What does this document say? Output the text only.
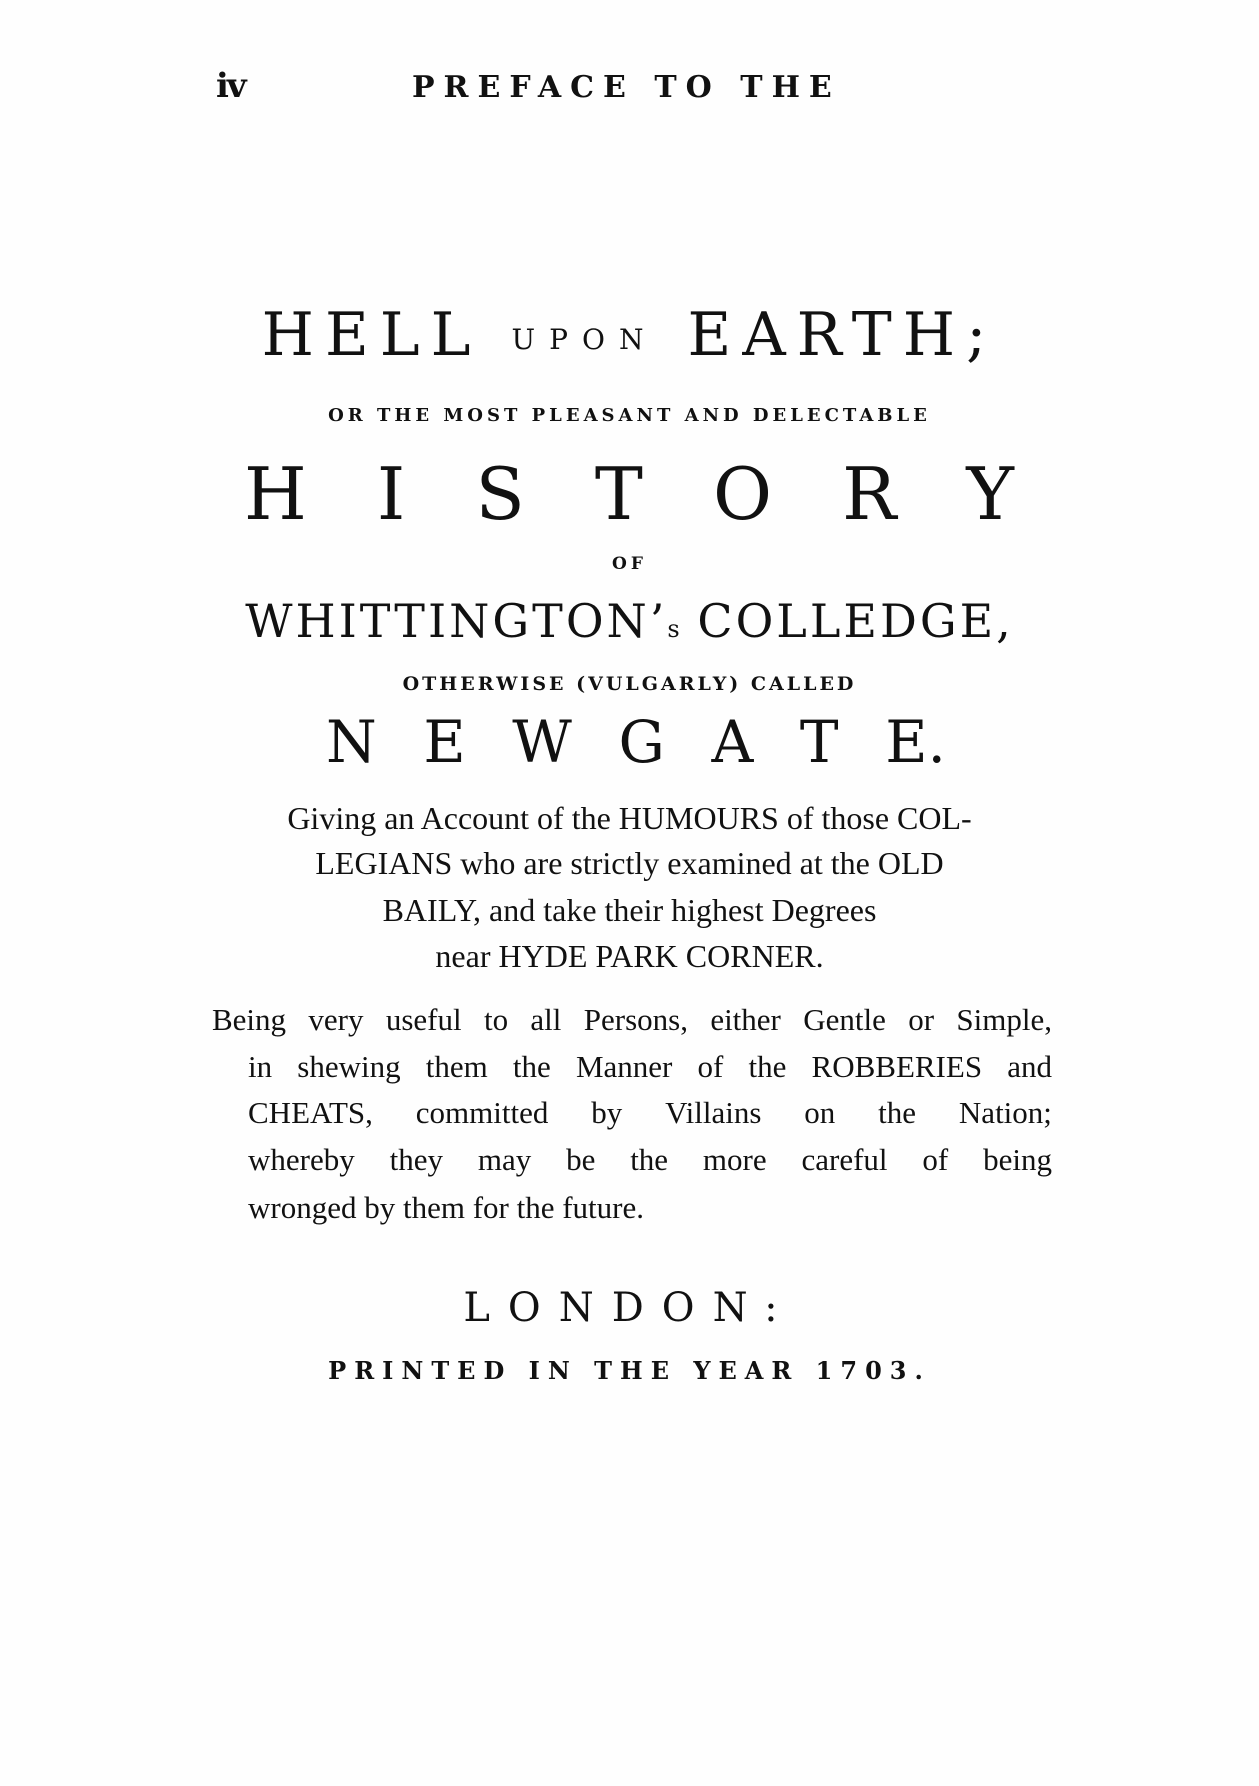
iv	PREFACE TO THE
HELL UPON EARTH;
OR THE MOST PLEASANT AND DELECTABLE
H I S T O R Y
OF
WHITTINGTON’s COLLEDGE,
OTHERWISE (VULGARLY) CALLED
N E W G A T E.
Giving an Account of the HUMOURS of those COL-
LEGIANS who are strictly examined at the OLD
BAILY, and take their highest Degrees
near HYDE PARK CORNER.
Being very useful to all Persons, either Gentle or Simple,
in shewing them the Manner of the ROBBERIES and
CHEATS, committed by Villains on the Nation;
whereby they may be the more careful of being
wronged by them for the future.
LONDON:
PRINTED IN THE YEAR 1703.
